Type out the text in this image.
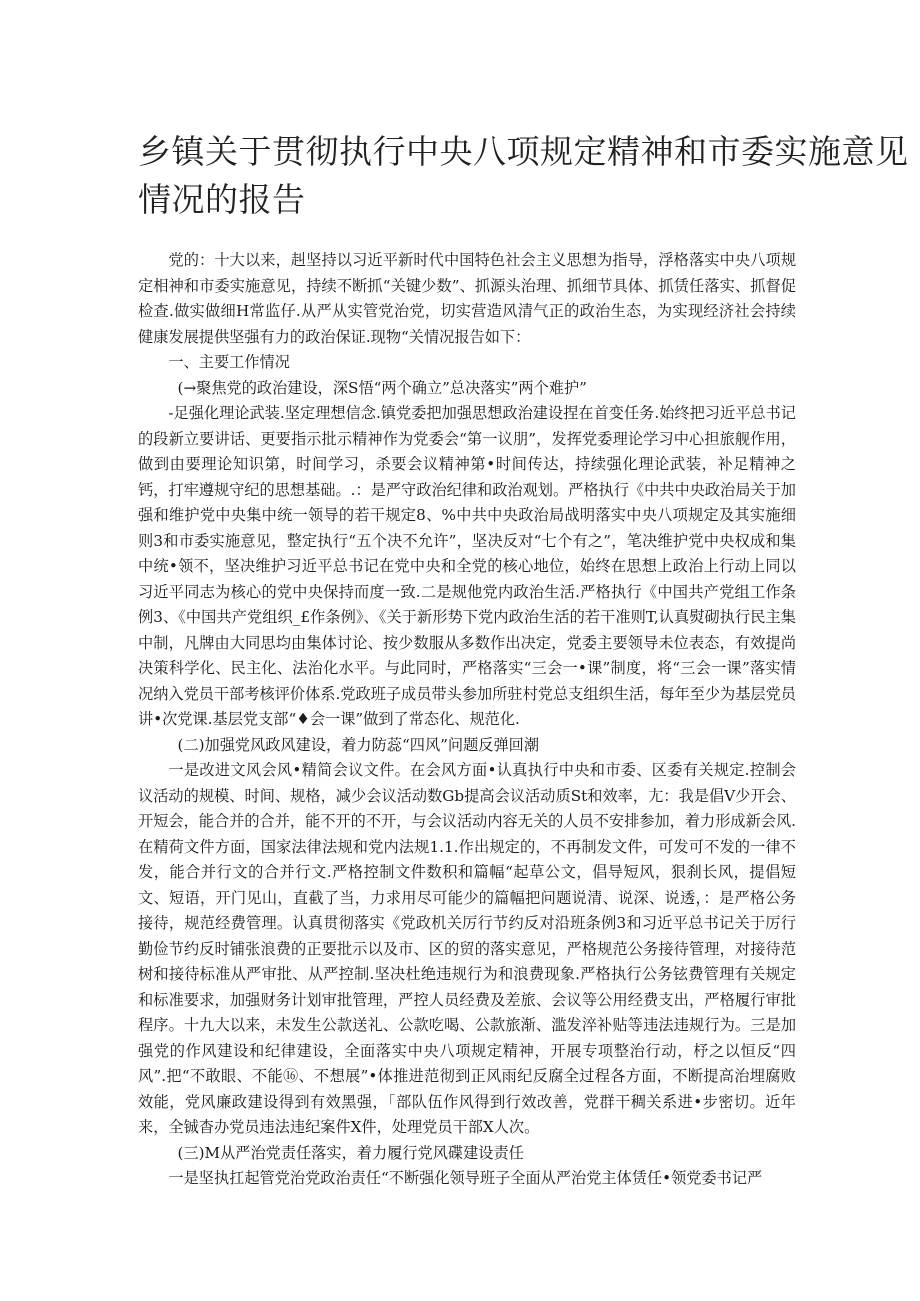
乡镇关于贯彻执行中央八项规定精神和市委实施意见
情况的报告

党的：十大以来，赳坚持以习近平新时代中国特色社会主义思想为指导，浮格落实中央八项规定相神和市委实施意见，持续不断抓“关键少数”、抓源头治理、抓细节具体、抓赁任落实、抓督促检查.做实做细H常监仔.从严从实管党治党，切实营造风清气正的政治生态，为实现经济社会持续健康发展提供坚强有力的政治保证.现物“关情况报告如下：

一、主要工作情况

(→聚焦党的政治建设，深S悟“两个确立”总决落实”两个难护”

-足强化理论武装.坚定理想信念.镇党委把加强思想政治建设捏在首变任务.始终把习近平总书记的段新立要讲话、更要指示批示精神作为党委会“第一议朋”，发挥党委理论学习中心担旅舰作用，做到由要理论知识第，时间学习，杀要会议精神第•时间传达，持续强化理论武装，补足精神之钙，打牢遵规守纪的思想基础。.：是严守政治纪律和政治观划。严格执行《中共中央政治局关于加强和维护党中央集中统一领导的若干规定8、%中共中央政治局战明落实中央八项规定及其实施细则3和市委实施意见，整定执行“五个决不允许”，坚决反对“七个有之”，笔决维护党中央权成和集中统•领不，坚决维护习近平总书记在党中央和全党的核心地位，始终在思想上政治上行动上同以习近平同志为核心的党中央保持而度一致.二是规他党内政治生活.严格执行《中国共产党组工作条例3、《中国共产党组织_£作条例》、《关于新形势下党内政治生活的若干准则T,认真熨砌执行民主集中制，凡牌由大同思均由集体讨论、按少数服从多数作出决定，党委主要领导未位表态，有效提尚决策科学化、民主化、法治化水平。与此同时，严格落实“三会一•课”制度，将“三会一课”落实情况纳入党员干部考核评价体系.党政班子成员带头参加所驻村党总支组织生活，每年至少为基层党员讲•次党课.基层党支部“♦会一课”做到了常态化、规范化.

(二)加强党风政风建设，着力防蕊“四风”问题反弹回潮

一是改进文风会风•精简会议文件。在会风方面•认真执行中央和市委、区委有关规定.控制会议活动的规模、时间、规格，减少会议活动数Gb提高会议活动质St和效率，尢：我是倡V少开会、开短会，能合并的合并，能不开的不开，与会议活动内容无关的人员不安排参加，着力形成新会风.在精荷文件方面，国家法律法规和党内法规1.1.作出规定的，不再制发文件，可发可不发的一律不发，能合并行文的合并行文.严格控制文件数积和篇幅“起草公文，倡导短风，狠刹长风，提倡短文、短语，开门见山，直截了当，力求用尽可能少的篇幅把问题说清、说深、说透，：是严格公务接待，规范经费管理。认真贯彻落实《党政机关厉行节约反对沿班条例3和习近平总书记关于厉行勤俭节约反时铺张浪费的正要批示以及市、区的贸的落实意见，严格规范公务接待管理，对接待范树和接待标准从严审批、从严控制.坚决杜绝违规行为和浪费现象.严格执行公务铉费管理有关规定和标准要求，加强财务计划审批管理，严控人员经费及差旅、会议等公用经费支出，严格履行审批程序。十九大以来，未发生公款送礼、公款吃喝、公款旅渐、滥发淬补贴等违法违规行为。三是加强党的作风建设和纪律建设，全面落实中央八项规定精神，开展专项整治行动，杼之以恒反“四风”.把“不敢眼、不能⑯、不想展”•体推进范彻到正风雨纪反腐全过程各方面，不断提高治埋腐败效能，党风廉政建设得到有效黑强，「部队伍作风得到行效改善，党群干稠关系进•步密切。近年来，全铖杳办党员违法违纪案件X件，处理党员干部X人次。

(三)M从严治党责任落实，着力履行党风碟建设责任

一是坚执扛起管党治党政治责任“不断强化领导班子全面从严治党主体赁任•领党委书记严
